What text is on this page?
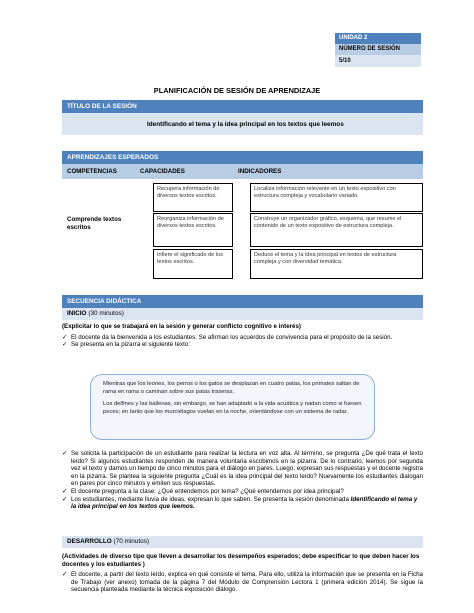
UNIDAD 2
NÚMERO DE SESIÓN
5/10
PLANIFICACIÓN DE SESIÓN DE APRENDIZAJE
TÍTULO DE LA SESIÓN
Identificando el tema y la idea principal en los textos que leemos
APRENDIZAJES ESPERADOS
COMPETENCIAS	CAPACIDADES	INDICADORES
Comprende textos escritos
Recupera información de diversos textos escritos.
Localiza información relevante en un texto expositivo con estructura compleja y vocabulario variado.
Reorganiza información de diversos textos escritos.
Construye un organizador gráfico, esquema, que resume el contenido de un texto expositivo de estructura compleja.
Infiere el significado de los textos escritos.
Deduce el tema y la idea principal en textos de estructura compleja y con diversidad temática.
SECUENCIA DIDÁCTICA
INICIO (30 minutos)
(Explicitar lo que se trabajará en la sesión y generar conflicto cognitivo e interés)
✓ El docente da la bienvenida a los estudiantes. Se afirman los acuerdos de convivencia para el propósito de la sesión.
✓ Se presenta en la pizarra el siguiente texto:
Mientras que los leones, los perros o los gatos se desplazan en cuatro patas, los primates saltan de rama en rama o caminan sobre sus patas traseras.
Los delfines y las ballenas, sin embargo, se han adaptado a la vida acuática y nadan como si fuesen peces; en tanto que los murciélagos vuelan en la noche, orientándose con un sistema de radar.
✓ Se solicita la participación de un estudiante para realizar la lectura en voz alta. Al término, se pregunta ¿De qué trata el texto leído? Si algunos estudiantes responden de manera voluntaria escribimos en la pizarra. De lo contrario, leemos por segunda vez el texto y damos un tiempo de cinco minutos para el diálogo en pares. Luego, expresan sus respuestas y el docente registra en la pizarra. Se plantea la siguiente pregunta ¿Cuál es la idea principal del texto leído? Nuevamente los estudiantes dialogan en pares por cinco minutos y emiten sus respuestas.
✓ El docente pregunta a la clase: ¿Qué entendemos por tema? ¿Qué entendemos por idea principal?
✓ Los estudiantes, mediante lluvia de ideas, expresan lo que saben. Se presenta la sesión denominada Identificando el tema y la idea principal en los textos que leemos.
DESARROLLO (70 minutos)
(Actividades de diverso tipo que lleven a desarrollar los desempeños esperados; debe especificar lo que deben hacer los docentes y los estudiantes )
✓ El docente, a partir del texto leído, explica en qué consiste el tema. Para ello, utiliza la información que se presenta en la Ficha de Trabajo (ver anexo) tomada de la página 7 del Módulo de Comprensión Lectora 1 (primera edición 2014). Se sigue la secuencia planteada mediante la técnica exposición diálogo.
